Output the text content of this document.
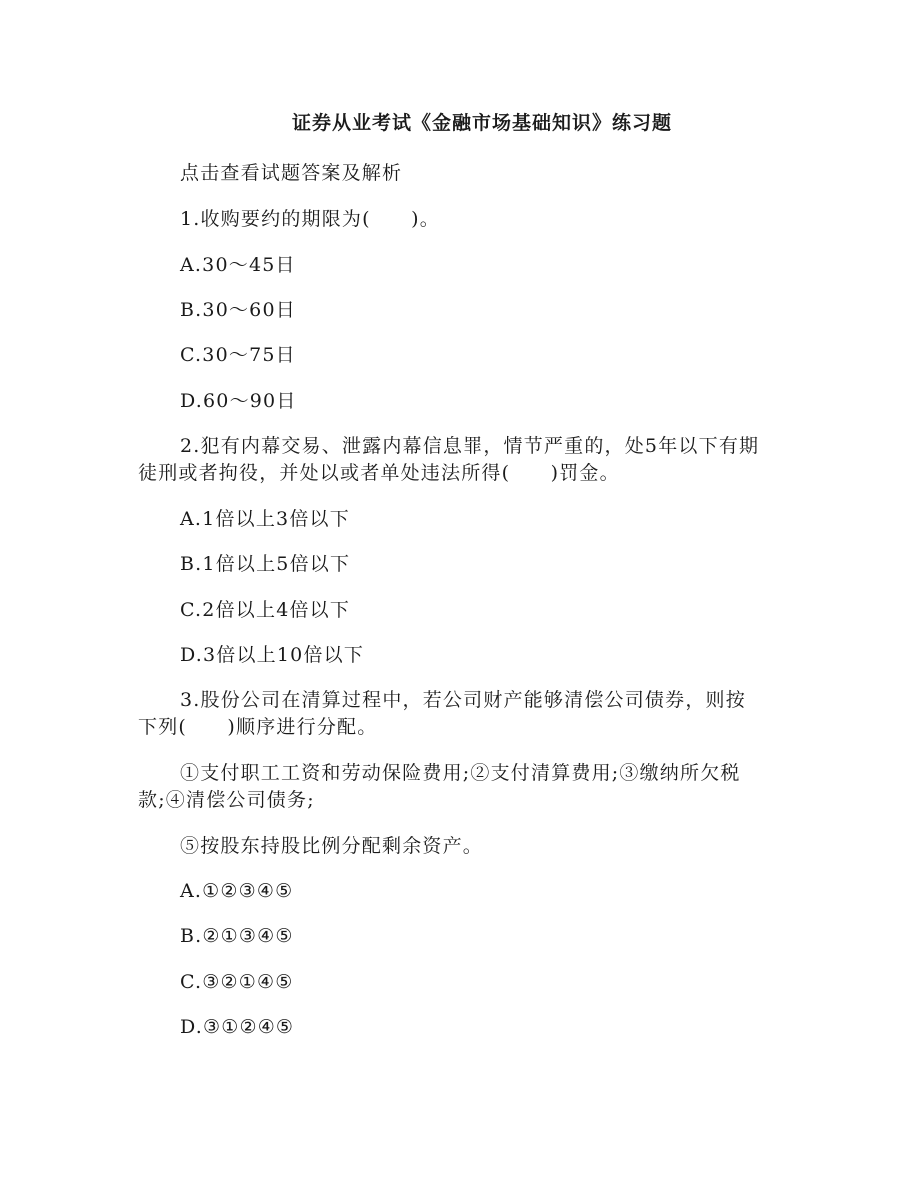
证券从业考试《金融市场基础知识》练习题
点击查看试题答案及解析
1.收购要约的期限为(　　)。
A.30～45日
B.30～60日
C.30～75日
D.60～90日
2.犯有内幕交易、泄露内幕信息罪，情节严重的，处5年以下有期
徒刑或者拘役，并处以或者单处违法所得(　　)罚金。
A.1倍以上3倍以下
B.1倍以上5倍以下
C.2倍以上4倍以下
D.3倍以上10倍以下
3.股份公司在清算过程中，若公司财产能够清偿公司债券，则按
下列(　　)顺序进行分配。
①支付职工工资和劳动保险费用;②支付清算费用;③缴纳所欠税
款;④清偿公司债务;
⑤按股东持股比例分配剩余资产。
A.①②③④⑤
B.②①③④⑤
C.③②①④⑤
D.③①②④⑤
